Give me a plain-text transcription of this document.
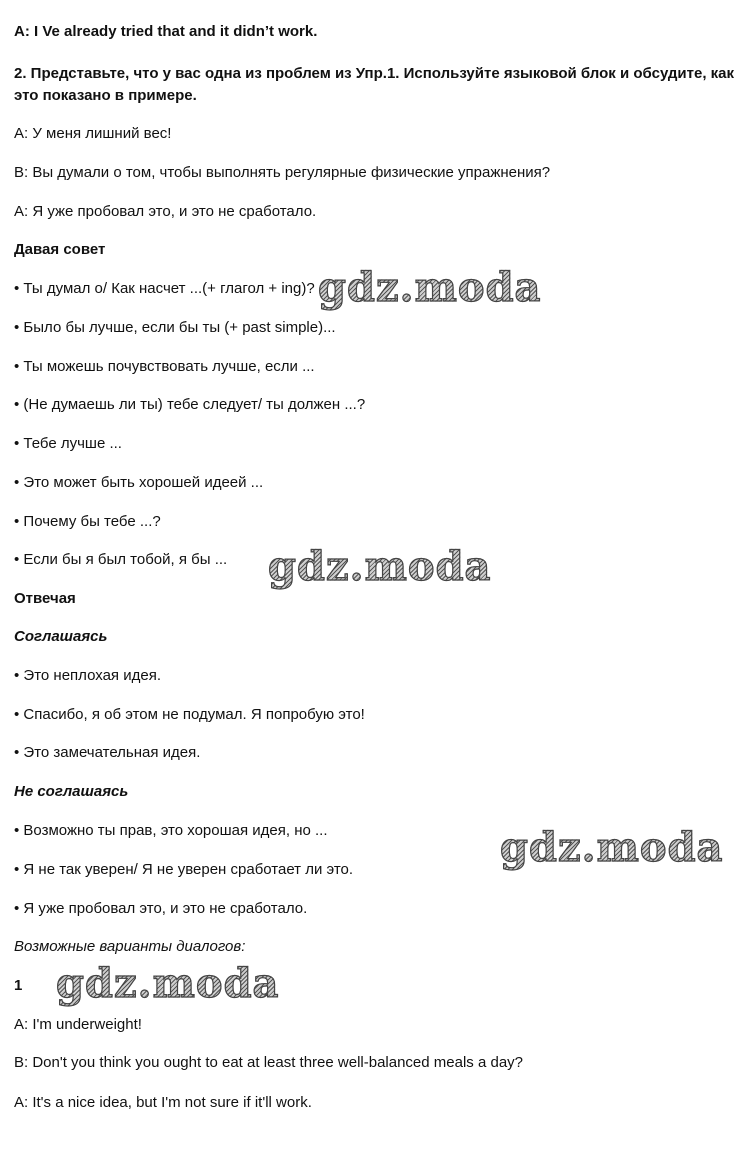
A: I Ve already tried that and it didn’t work.
2. Представьте, что у вас одна из проблем из Упр.1. Используйте языковой блок и обсудите, как
это показано в примере.
A: У меня лишний вес!
B: Вы думали о том, чтобы выполнять регулярные физические упражнения?
A: Я уже пробовал это, и это не сработало.
Давая совет
• Ты думал о/ Как насчет ...(+ глагол + ing)?
• Было бы лучше, если бы ты (+ past simple)...
• Ты можешь почувствовать лучше, если ...
• (Не думаешь ли ты) тебе следует/ ты должен ...?
• Тебе лучше ...
• Это может быть хорошей идеей ...
• Почему бы тебе ...?
• Если бы я был тобой, я бы ...
Отвечая
Соглашаясь
• Это неплохая идея.
• Спасибо, я об этом не подумал. Я попробую это!
• Это замечательная идея.
Не соглашаясь
• Возможно ты прав, это хорошая идея, но ...
• Я не так уверен/ Я не уверен сработает ли это.
• Я уже пробовал это, и это не сработало.
Возможные варианты диалогов:
1
A: I'm underweight!
B: Don't you think you ought to eat at least three well-balanced meals a day?
A: It's a nice idea, but I'm not sure if it'll work.
gdz.moda
gdz.moda
gdz.moda
gdz.moda
